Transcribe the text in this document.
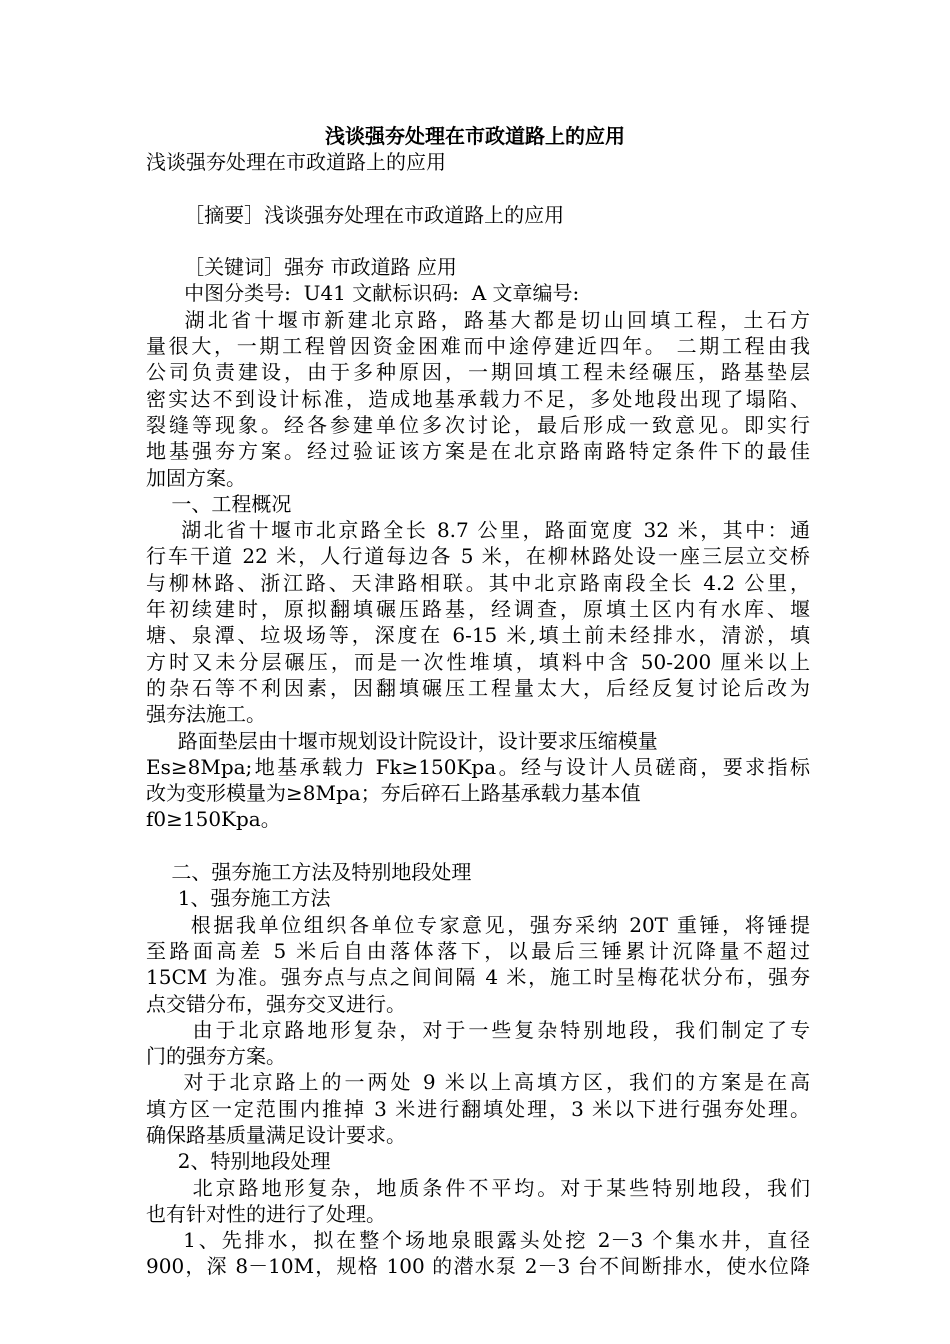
浅谈强夯处理在市政道路上的应用
浅谈强夯处理在市政道路上的应用
［摘要］浅谈强夯处理在市政道路上的应用
［关键词］强夯 市政道路 应用
中图分类号:  U41 文献标识码:  A 文章编号:
湖北省十堰市新建北京路，路基大都是切山回填工程，土石方
量很大，一期工程曾因资金困难而中途停建近四年。 二期工程由我
公司负责建设，由于多种原因，一期回填工程未经碾压，路基垫层
密实达不到设计标准，造成地基承载力不足，多处地段出现了塌陷、
裂缝等现象。经各参建单位多次讨论，最后形成一致意见。即实行
地基强夯方案。经过验证该方案是在北京路南路特定条件下的最佳
加固方案。
一、工程概况
湖北省十堰市北京路全长 8.7 公里，路面宽度 32 米，其中：通
行车干道 22 米，人行道每边各 5 米，在柳林路处设一座三层立交桥
与柳林路、浙江路、天津路相联。其中北京路南段全长 4.2 公里，
年初续建时，原拟翻填碾压路基，经调查，原填土区内有水库、堰
塘、泉潭、垃圾场等，深度在 6-15 米,填土前未经排水，清淤，填
方时又未分层碾压，而是一次性堆填，填料中含 50-200 厘米以上
的杂石等不利因素，因翻填碾压工程量太大，后经反复讨论后改为
强夯法施工。
路面垫层由十堰市规划设计院设计，设计要求压缩模量
Es≥8Mpa;地基承载力 Fk≥150Kpa。经与设计人员磋商，要求指标
改为变形模量为≥8Mpa；夯后碎石上路基承载力基本值
f0≥150Kpa。
二、强夯施工方法及特别地段处理
1、强夯施工方法
根据我单位组织各单位专家意见，强夯采纳 20T 重锤，将锤提
至路面高差 5 米后自由落体落下，以最后三锤累计沉降量不超过
15CM 为准。强夯点与点之间间隔 4 米，施工时呈梅花状分布，强夯
点交错分布，强夯交叉进行。
由于北京路地形复杂，对于一些复杂特别地段，我们制定了专
门的强夯方案。
对于北京路上的一两处 9 米以上高填方区，我们的方案是在高
填方区一定范围内推掉 3 米进行翻填处理，3 米以下进行强夯处理。
确保路基质量满足设计要求。
2、特别地段处理
北京路地形复杂，地质条件不平均。对于某些特别地段，我们
也有针对性的进行了处理。
1、先排水，拟在整个场地泉眼露头处挖 2－3 个集水井，直径
900，深 8－10M，规格 100 的潜水泵 2－3 台不间断排水，使水位降
